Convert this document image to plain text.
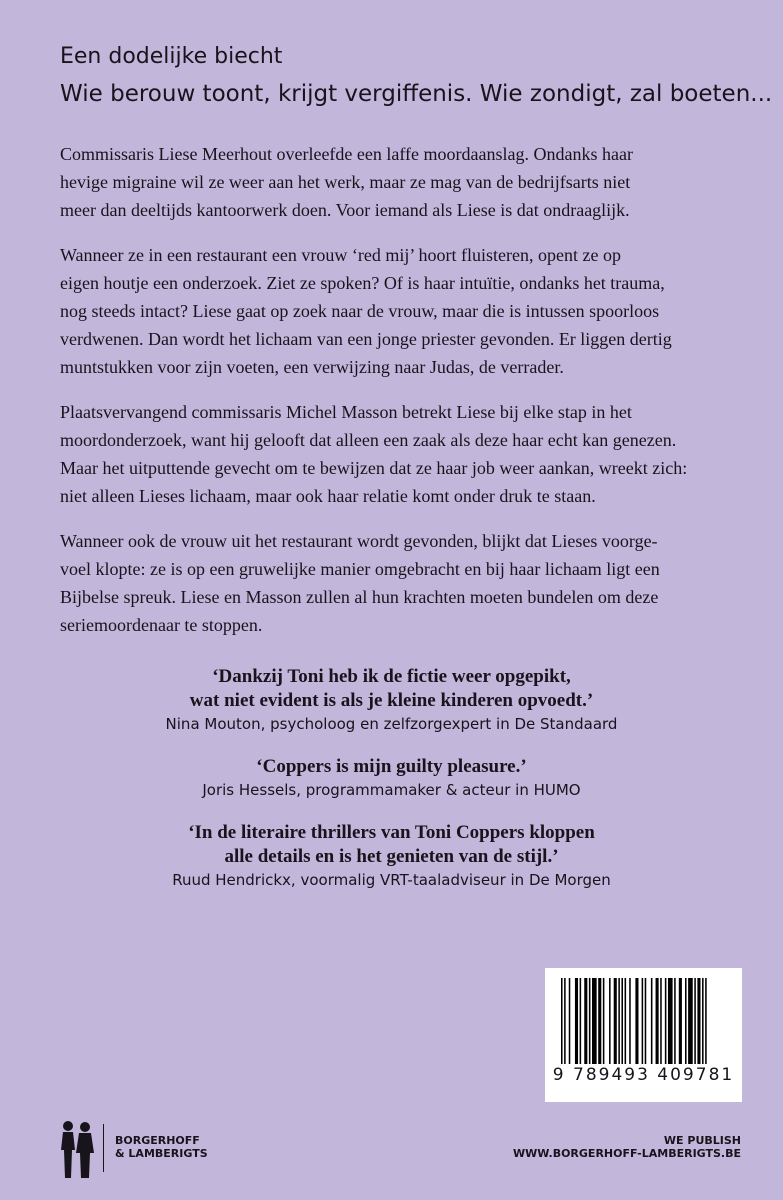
Een dodelijke biecht
Wie berouw toont, krijgt vergiffenis. Wie zondigt, zal boeten...

Commissaris Liese Meerhout overleefde een laffe moordaanslag. Ondanks haar
hevige migraine wil ze weer aan het werk, maar ze mag van de bedrijfsarts niet
meer dan deeltijds kantoorwerk doen. Voor iemand als Liese is dat ondraaglijk.

Wanneer ze in een restaurant een vrouw ‘red mij’ hoort fluisteren, opent ze op
eigen houtje een onderzoek. Ziet ze spoken? Of is haar intuïtie, ondanks het trauma,
nog steeds intact? Liese gaat op zoek naar de vrouw, maar die is intussen spoorloos
verdwenen. Dan wordt het lichaam van een jonge priester gevonden. Er liggen dertig
muntstukken voor zijn voeten, een verwijzing naar Judas, de verrader.

Plaatsvervangend commissaris Michel Masson betrekt Liese bij elke stap in het
moordonderzoek, want hij gelooft dat alleen een zaak als deze haar echt kan genezen.
Maar het uitputtende gevecht om te bewijzen dat ze haar job weer aankan, wreekt zich:
niet alleen Lieses lichaam, maar ook haar relatie komt onder druk te staan.

Wanneer ook de vrouw uit het restaurant wordt gevonden, blijkt dat Lieses voorge-
voel klopte: ze is op een gruwelijke manier omgebracht en bij haar lichaam ligt een
Bijbelse spreuk. Liese en Masson zullen al hun krachten moeten bundelen om deze
seriemoordenaar te stoppen.

‘Dankzij Toni heb ik de fictie weer opgepikt,
wat niet evident is als je kleine kinderen opvoedt.’
Nina Mouton, psycholoog en zelfzorgexpert in De Standaard
‘Coppers is mijn guilty pleasure.’
Joris Hessels, programmamaker & acteur in HUMO
‘In de literaire thrillers van Toni Coppers kloppen
alle details en is het genieten van de stijl.’
Ruud Hendrickx, voormalig VRT-taaladviseur in De Morgen
9 789493 409781
BORGERHOFF
& LAMBERIGTS
WE PUBLISH
WWW.BORGERHOFF-LAMBERIGTS.BE
